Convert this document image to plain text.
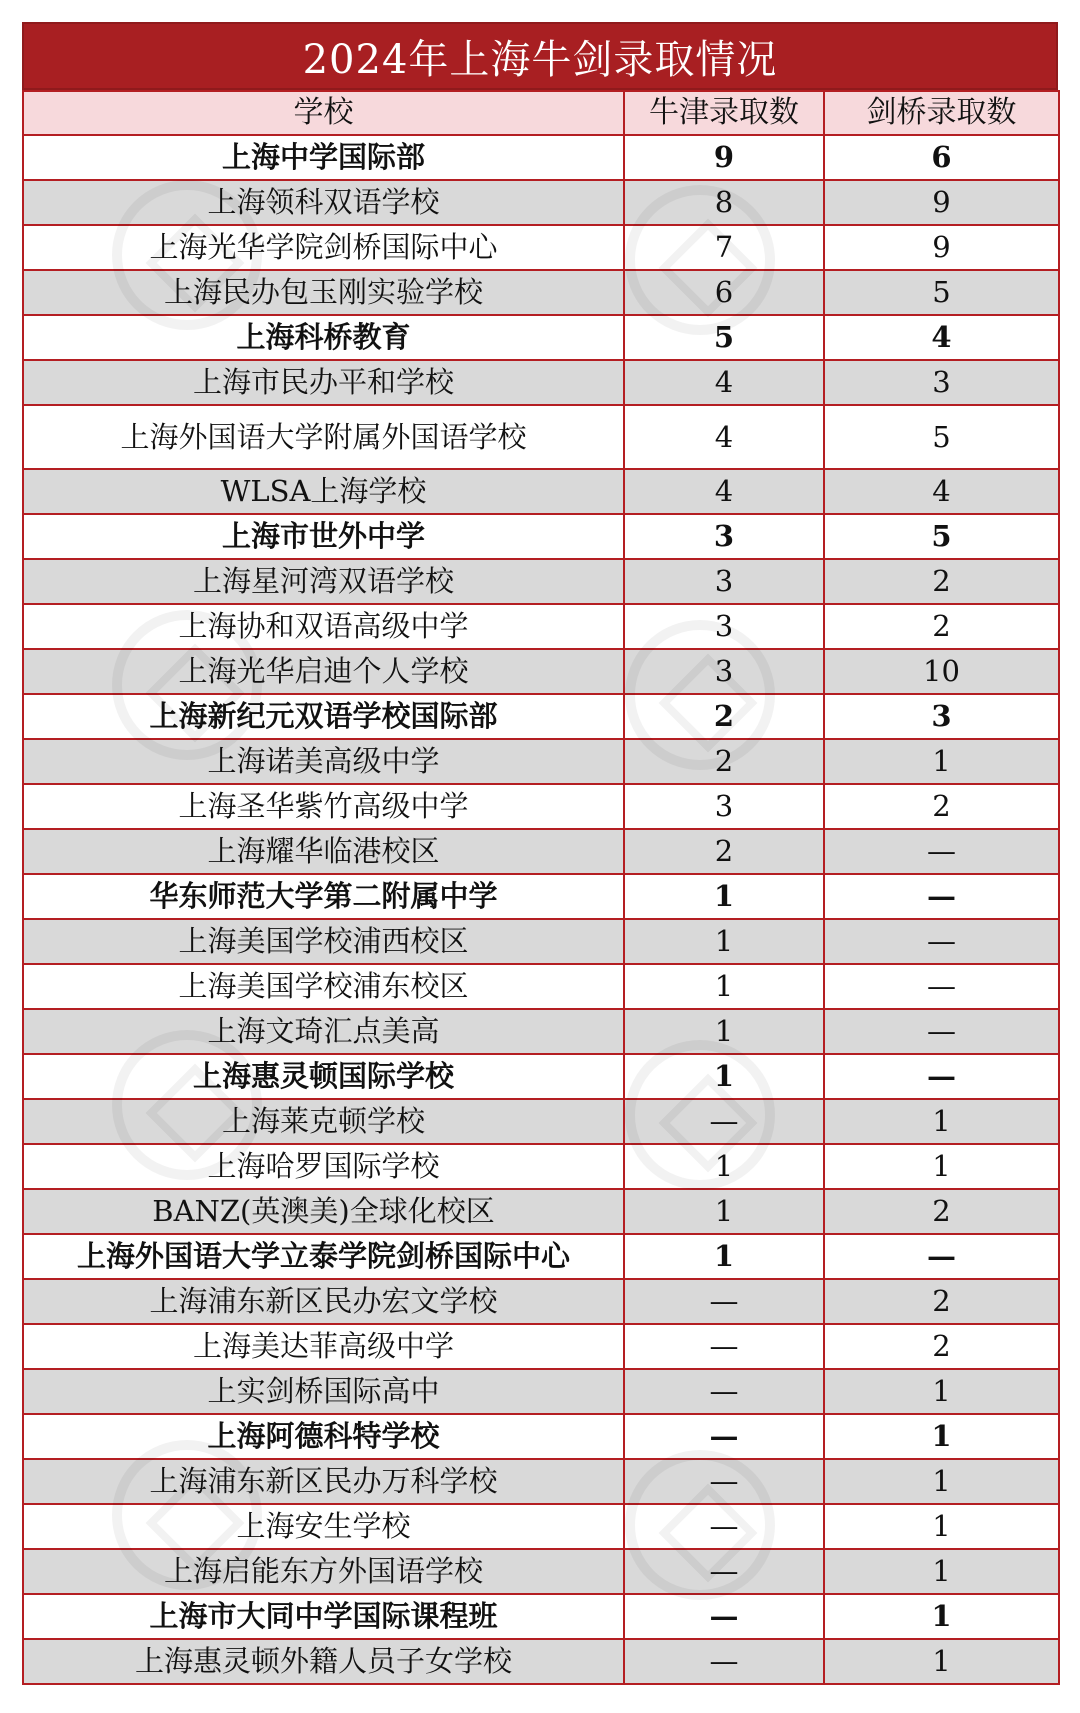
2024年上海牛剑录取情况
学校	牛津录取数	剑桥录取数
上海中学国际部	9	6
上海领科双语学校	8	9
上海光华学院剑桥国际中心	7	9
上海民办包玉刚实验学校	6	5
上海科桥教育	5	4
上海市民办平和学校	4	3
上海外国语大学附属外国语学校	4	5
WLSA上海学校	4	4
上海市世外中学	3	5
上海星河湾双语学校	3	2
上海协和双语高级中学	3	2
上海光华启迪个人学校	3	10
上海新纪元双语学校国际部	2	3
上海诺美高级中学	2	1
上海圣华紫竹高级中学	3	2
上海耀华临港校区	2	—
华东师范大学第二附属中学	1	—
上海美国学校浦西校区	1	—
上海美国学校浦东校区	1	—
上海文琦汇点美高	1	—
上海惠灵顿国际学校	1	—
上海莱克顿学校	—	1
上海哈罗国际学校	1	1
BANZ(英澳美)全球化校区	1	2
上海外国语大学立泰学院剑桥国际中心	1	—
上海浦东新区民办宏文学校	—	2
上海美达菲高级中学	—	2
上实剑桥国际高中	—	1
上海阿德科特学校	—	1
上海浦东新区民办万科学校	—	1
上海安生学校	—	1
上海启能东方外国语学校	—	1
上海市大同中学国际课程班	—	1
上海惠灵顿外籍人员子女学校	—	1
